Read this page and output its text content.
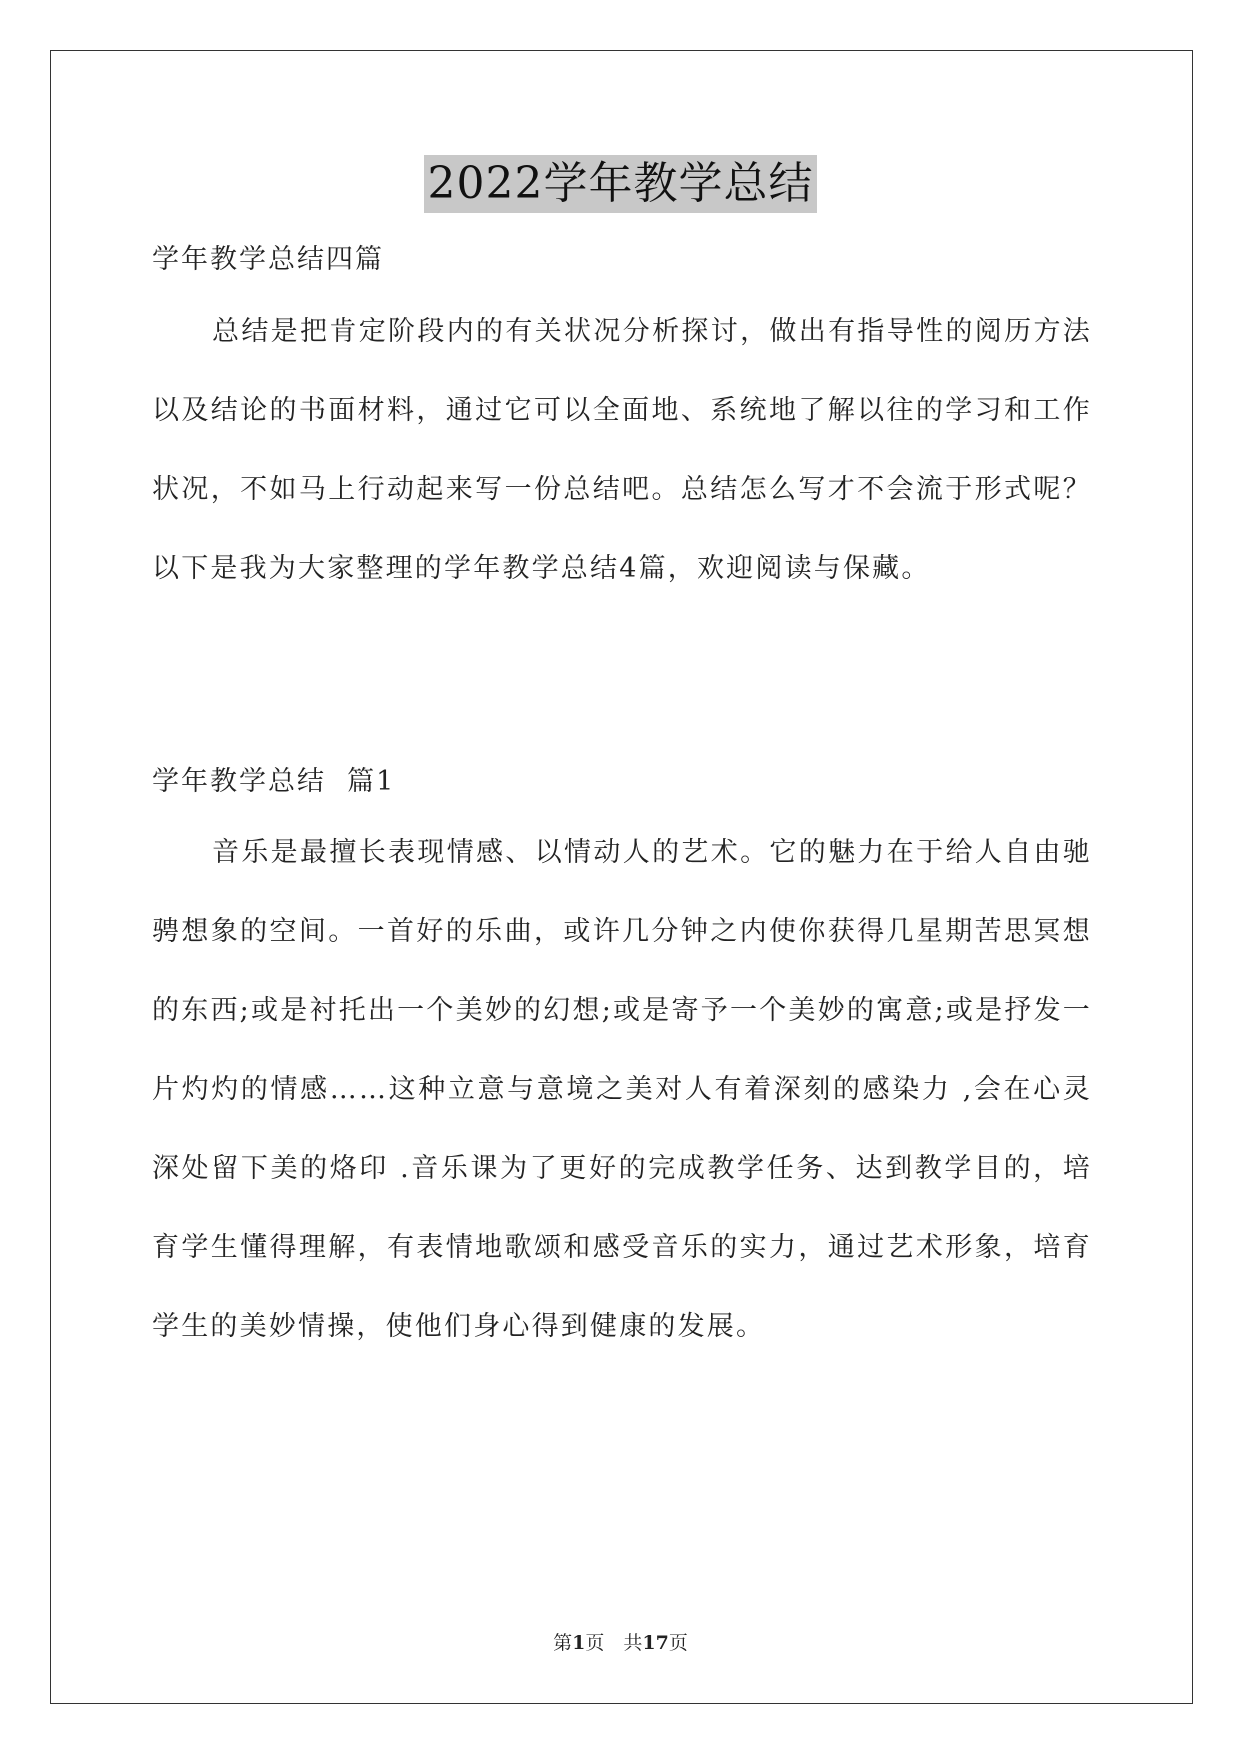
2022学年教学总结
学年教学总结四篇

总结是把肯定阶段内的有关状况分析探讨，做出有指导性的阅历方法以及结论的书面材料，通过它可以全面地、系统地了解以往的学习和工作状况，不如马上行动起来写一份总结吧。总结怎么写才不会流于形式呢？以下是我为大家整理的学年教学总结4篇，欢迎阅读与保藏。

学年教学总结  篇1

音乐是最擅长表现情感、以情动人的艺术。它的魅力在于给人自由驰骋想象的空间。一首好的乐曲，或许几分钟之内使你获得几星期苦思冥想的东西;或是衬托出一个美妙的幻想;或是寄予一个美妙的寓意;或是抒发一片灼灼的情感……这种立意与意境之美对人有着深刻的感染力 ,会在心灵深处留下美的烙印 .音乐课为了更好的完成教学任务、达到教学目的，培育学生懂得理解，有表情地歌颂和感受音乐的实力，通过艺术形象，培育学生的美妙情操，使他们身心得到健康的发展。

第1页　共17页
